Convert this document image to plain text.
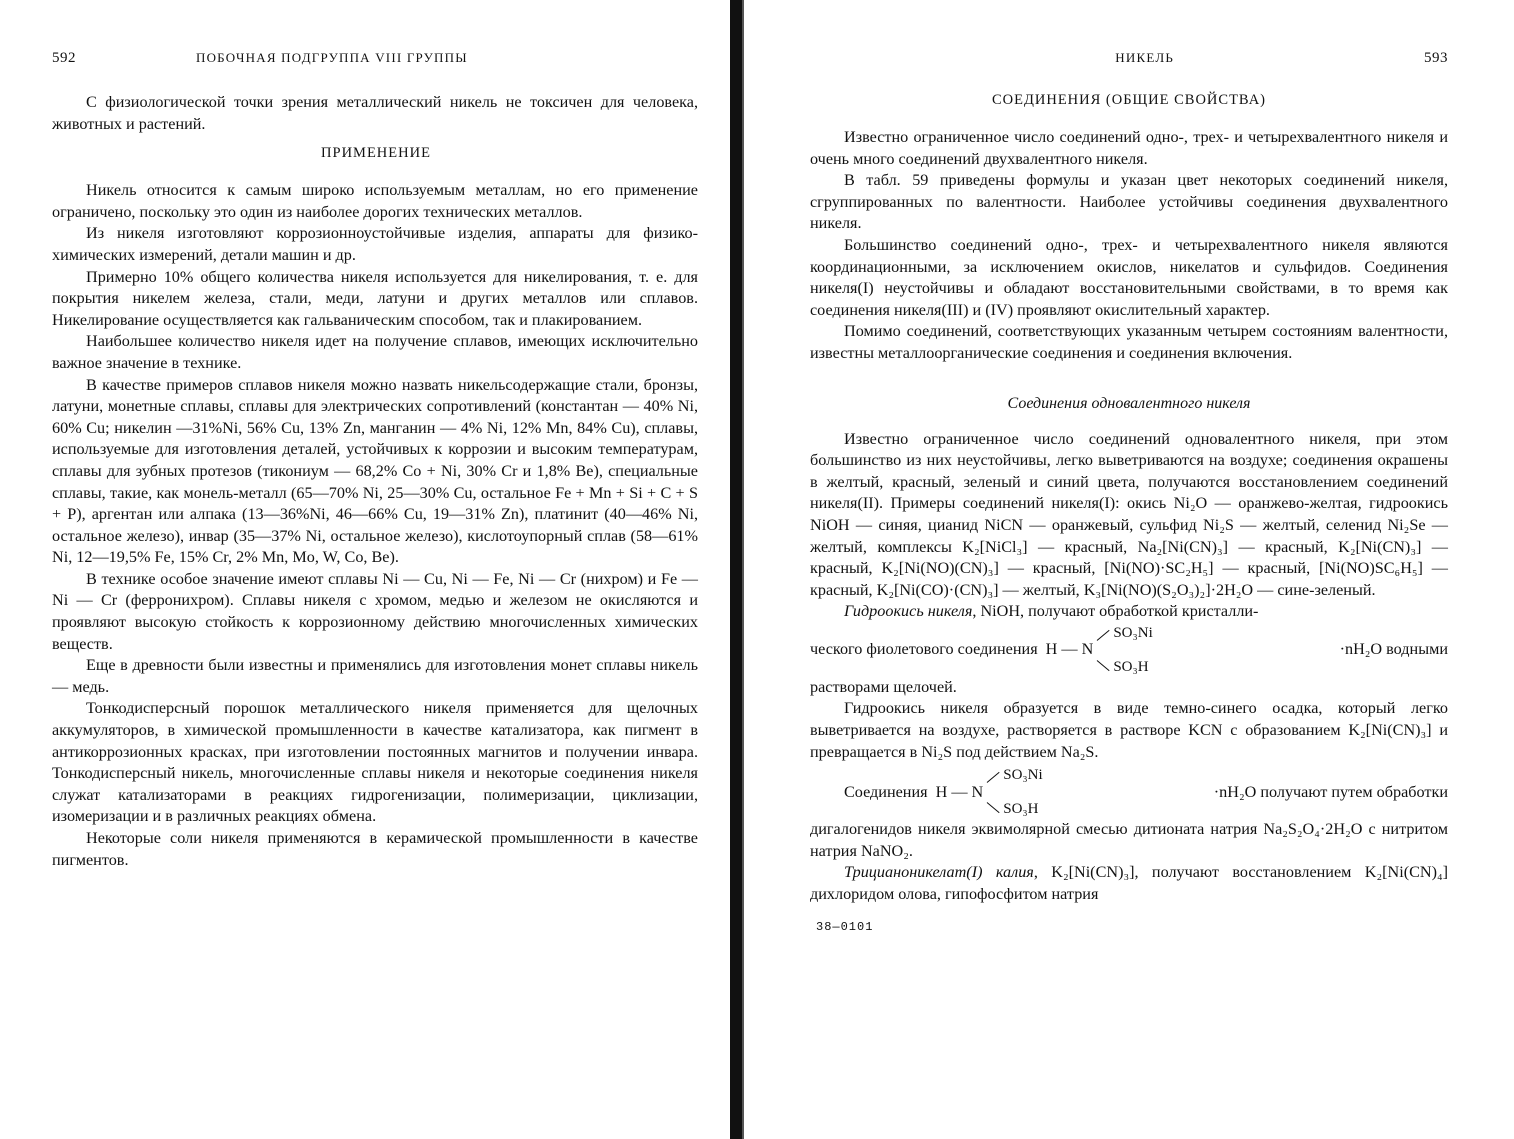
592	ПОБОЧНАЯ ПОДГРУППА VIII ГРУППЫ

С физиологической точки зрения металлический никель не токсичен для человека, животных и растений.

ПРИМЕНЕНИЕ

Никель относится к самым широко используемым металлам, но его применение ограничено, поскольку это один из наиболее дорогих технических металлов.

Из никеля изготовляют коррозионноустойчивые изделия, аппараты для физико-химических измерений, детали машин и др.

Примерно 10% общего количества никеля используется для никелирования, т. е. для покрытия никелем железа, стали, меди, латуни и других металлов или сплавов. Никелирование осуществляется как гальваническим способом, так и плакированием.

Наибольшее количество никеля идет на получение сплавов, имеющих исключительно важное значение в технике.

В качестве примеров сплавов никеля можно назвать никельсодержащие стали, бронзы, латуни, монетные сплавы, сплавы для электрических сопротивлений (константан — 40% Ni, 60% Cu; никелин —31%Ni, 56% Cu, 13% Zn, манганин — 4% Ni, 12% Mn, 84% Cu), сплавы, используемые для изготовления деталей, устойчивых к коррозии и высоким температурам, сплавы для зубных протезов (тикониум — 68,2% Co + Ni, 30% Cr и 1,8% Be), специальные сплавы, такие, как монель-металл (65—70% Ni, 25—30% Cu, остальное Fe + Mn + Si + C + S + P), аргентан или алпака (13—36%Ni, 46—66% Cu, 19—31% Zn), платинит (40—46% Ni, остальное железо), инвар (35—37% Ni, остальное железо), кислотоупорный сплав (58—61% Ni, 12—19,5% Fe, 15% Cr, 2% Mn, Mo, W, Co, Be).

В технике особое значение имеют сплавы Ni — Cu, Ni — Fe, Ni — Cr (нихром) и Fe — Ni — Cr (ферронихром). Сплавы никеля с хромом, медью и железом не окисляются и проявляют высокую стойкость к коррозионному действию многочисленных химических веществ.

Еще в древности были известны и применялись для изготовления монет сплавы никель — медь.

Тонкодисперсный порошок металлического никеля применяется для щелочных аккумуляторов, в химической промышленности в качестве катализатора, как пигмент в антикоррозионных красках, при изготовлении постоянных магнитов и получении инвара. Тонкодисперсный никель, многочисленные сплавы никеля и некоторые соединения никеля служат катализаторами в реакциях гидрогенизации, полимеризации, циклизации, изомеризации и в различных реакциях обмена.

Некоторые соли никеля применяются в керамической промышленности в качестве пигментов.

НИКЕЛЬ	593
СОЕДИНЕНИЯ (ОБЩИЕ СВОЙСТВА)

Известно ограниченное число соединений одно-, трех- и четырехвалентного никеля и очень много соединений двухвалентного никеля.

В табл. 59 приведены формулы и указан цвет некоторых соединений никеля, сгруппированных по валентности. Наиболее устойчивы соединения двухвалентного никеля.

Большинство соединений одно-, трех- и четырехвалентного никеля являются координационными, за исключением окислов, никелатов и сульфидов. Соединения никеля(I) неустойчивы и обладают восстановительными свойствами, в то время как соединения никеля(III) и (IV) проявляют окислительный характер.

Помимо соединений, соответствующих указанным четырем состояниям валентности, известны металлоорганические соединения и соединения включения.

Соединения одновалентного никеля

Известно ограниченное число соединений одновалентного никеля, при этом большинство из них неустойчивы, легко выветриваются на воздухе; соединения окрашены в желтый, красный, зеленый и синий цвета, получаются восстановлением соединений никеля(II). Примеры соединений никеля(I): окись Ni₂O — оранжево-желтая, гидроокись NiOH — синяя, цианид NiCN — оранжевый, сульфид Ni₂S — желтый, селенид Ni₂Se — желтый, комплексы K₂[NiCl₃] — красный, Na₂[Ni(CN)₃] — красный, K₂[Ni(CN)₃] — красный, K₂[Ni(NO)(CN)₃] — красный, [Ni(NO)·SC₂H₅] — красный, [Ni(NO)SC₆H₅] — красный, K₂[Ni(CO)·(CN)₃] — желтый, K₃[Ni(NO)(S₂O₃)₂]·2H₂O — сине-зеленый.

Гидроокись никеля, NiOH, получают обработкой кристалли-

ческого фиолетового соединения H — N
SO₃Ni
SO₃H
·nH₂O водными

растворами щелочей.

Гидроокись никеля образуется в виде темно-синего осадка, который легко выветривается на воздухе, растворяется в растворе KCN с образованием K₂[Ni(CN)₃] и превращается в Ni₂S под действием Na₂S.

Соединения H — N
SO₃Ni
SO₃H
·nH₂O получают путем обработки

дигалогенидов никеля эквимолярной смесью дитионата натрия Na₂S₂O₄·2H₂O с нитритом натрия NaNO₂.

Трицианоникелат(I) калия, K₂[Ni(CN)₃], получают восстановлением K₂[Ni(CN)₄] дихлоридом олова, гипофосфитом натрия

38—0101
